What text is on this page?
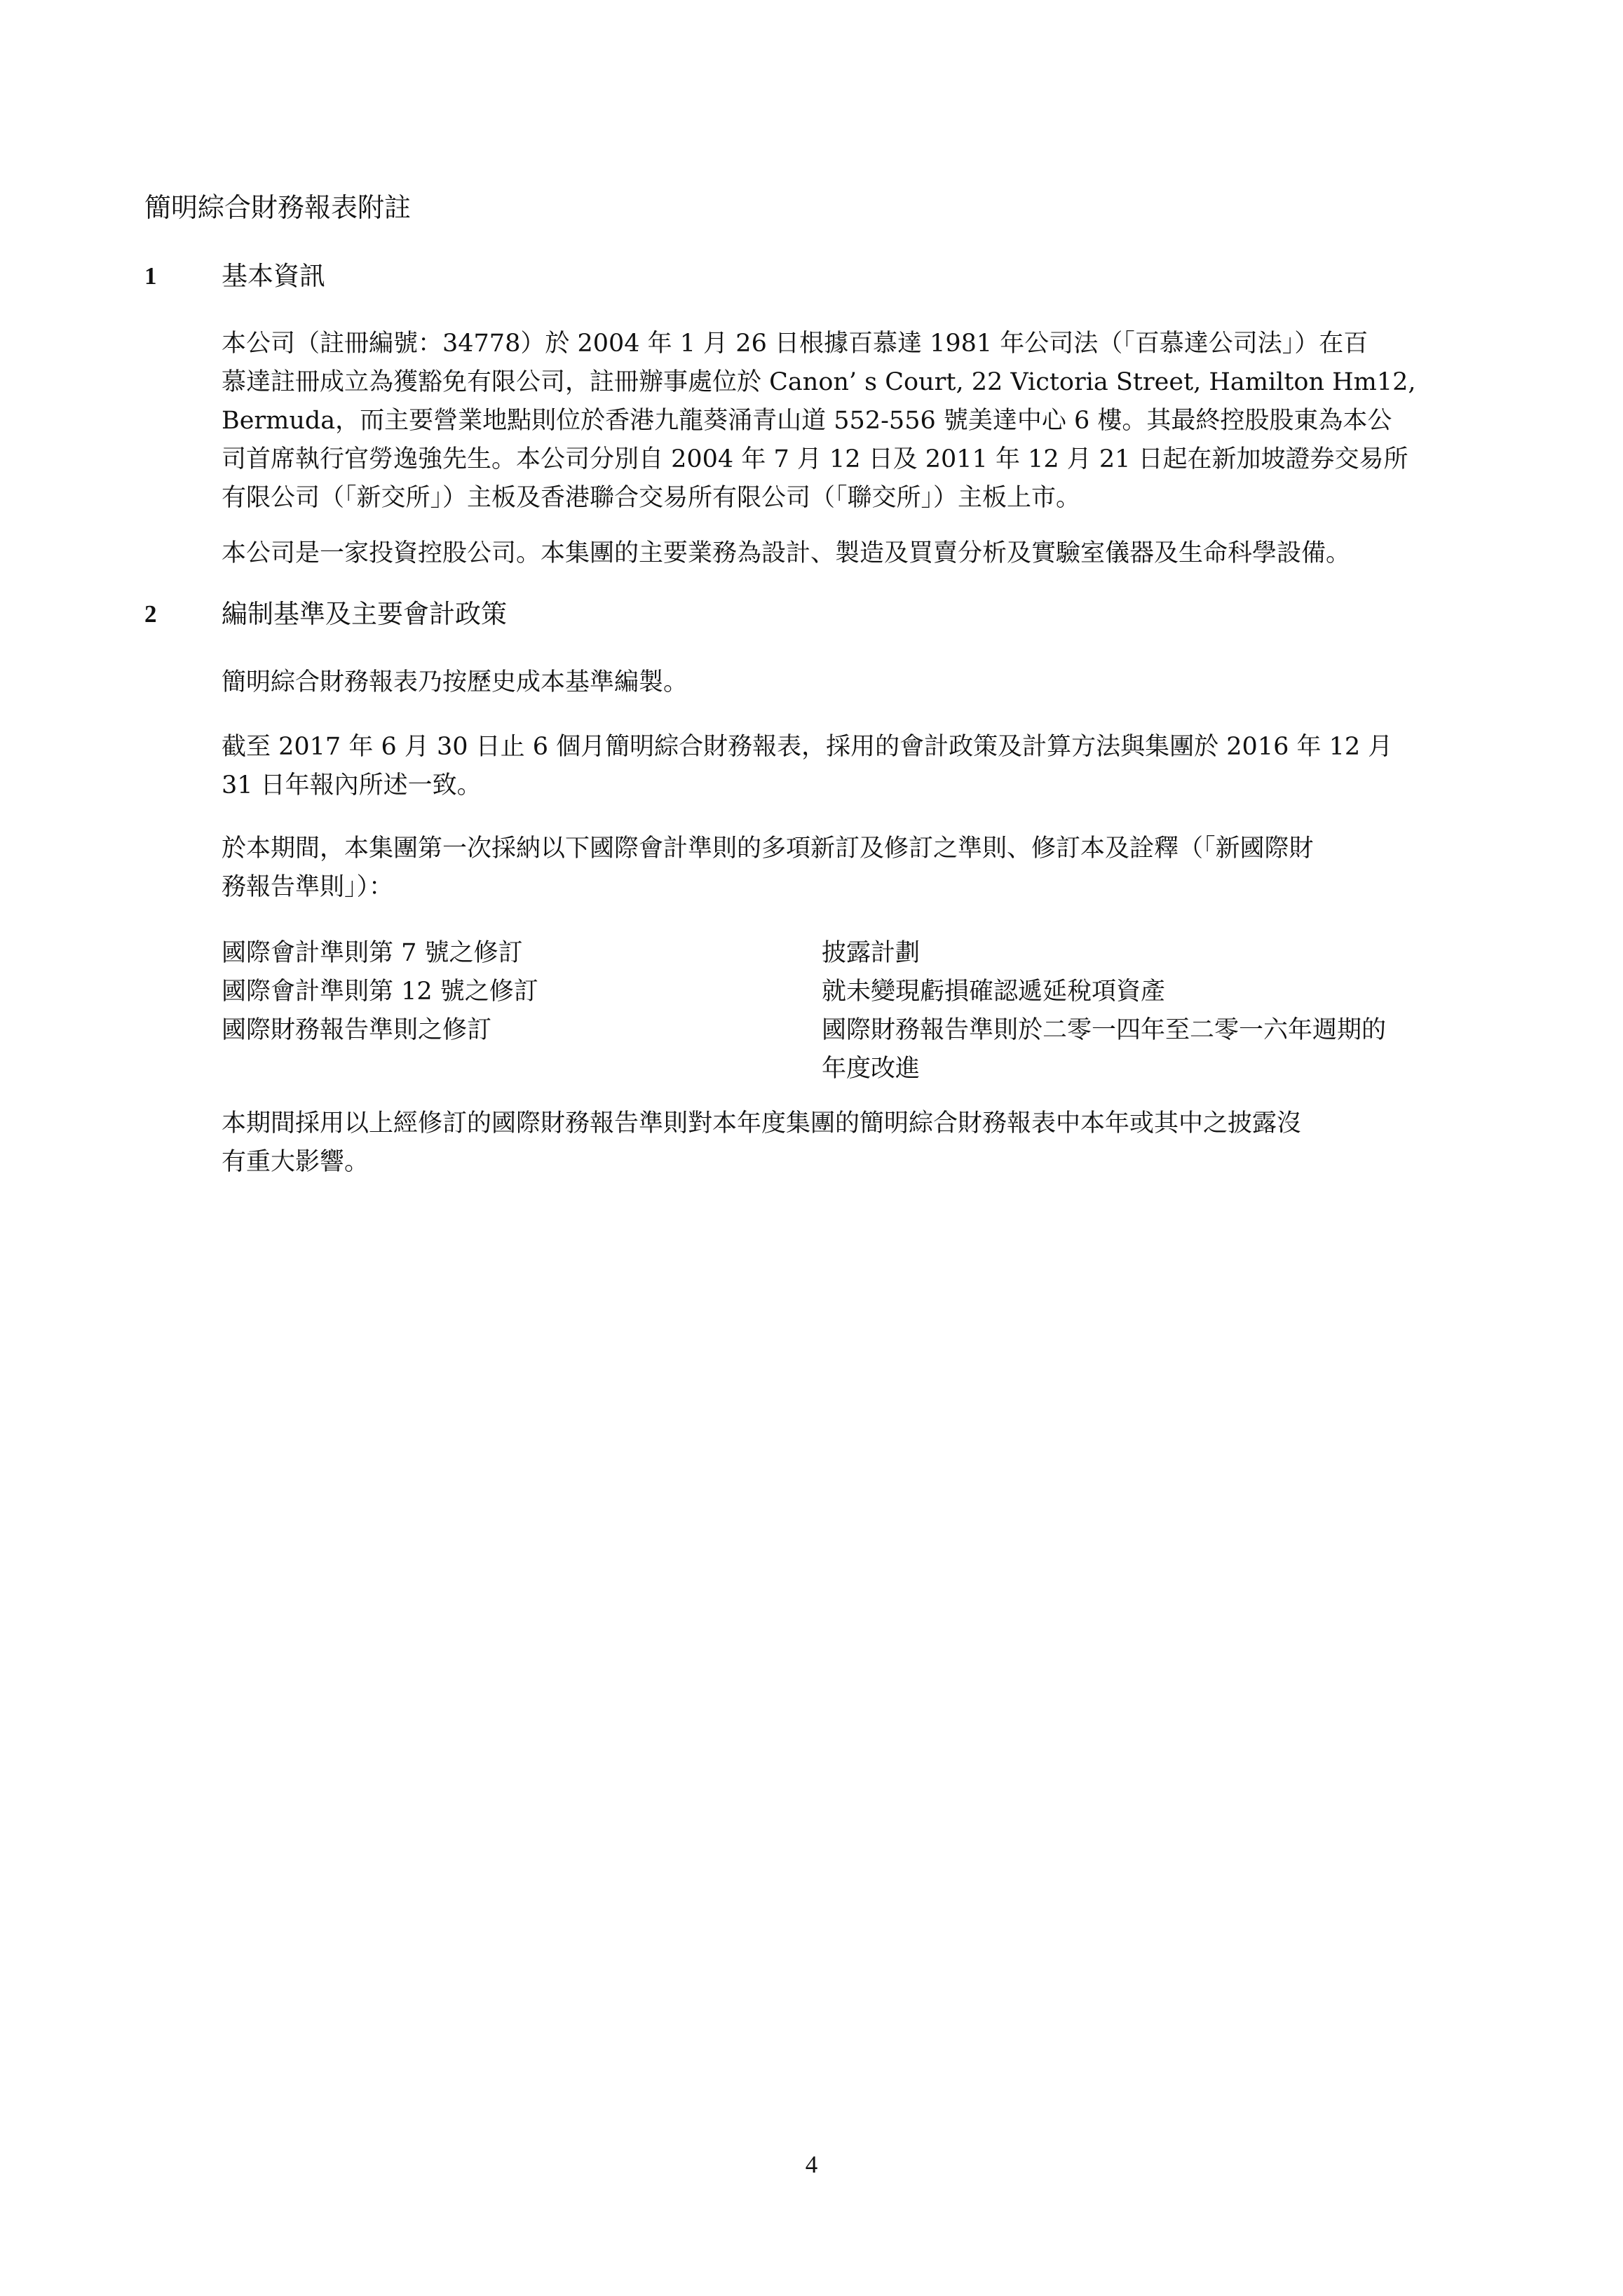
簡明綜合財務報表附註
1	基本資訊
本公司（註冊編號：34778）於 2004 年 1 月 26 日根據百慕達 1981 年公司法（「百慕達公司法」）在百
慕達註冊成立為獲豁免有限公司，註冊辦事處位於 Canon’ s Court, 22 Victoria Street, Hamilton Hm12,
Bermuda，而主要營業地點則位於香港九龍葵涌青山道 552-556 號美達中心 6 樓。其最終控股股東為本公
司首席執行官勞逸強先生。本公司分別自 2004 年 7 月 12 日及 2011 年 12 月 21 日起在新加坡證券交易所
有限公司（「新交所」）主板及香港聯合交易所有限公司（「聯交所」）主板上市。
本公司是一家投資控股公司。本集團的主要業務為設計、製造及買賣分析及實驗室儀器及生命科學設備。
2	編制基準及主要會計政策
簡明綜合財務報表乃按歷史成本基準編製。
截至 2017 年 6 月 30 日止 6 個月簡明綜合財務報表，採用的會計政策及計算方法與集團於 2016 年 12 月
31 日年報內所述一致。
於本期間，本集團第一次採納以下國際會計準則的多項新訂及修訂之準則、修訂本及詮釋（「新國際財
務報告準則」）：
國際會計準則第 7 號之修訂	披露計劃
國際會計準則第 12 號之修訂	就未變現虧損確認遞延稅項資產
國際財務報告準則之修訂	國際財務報告準則於二零一四年至二零一六年週期的
年度改進
本期間採用以上經修訂的國際財務報告準則對本年度集團的簡明綜合財務報表中本年或其中之披露沒
有重大影響。
4
